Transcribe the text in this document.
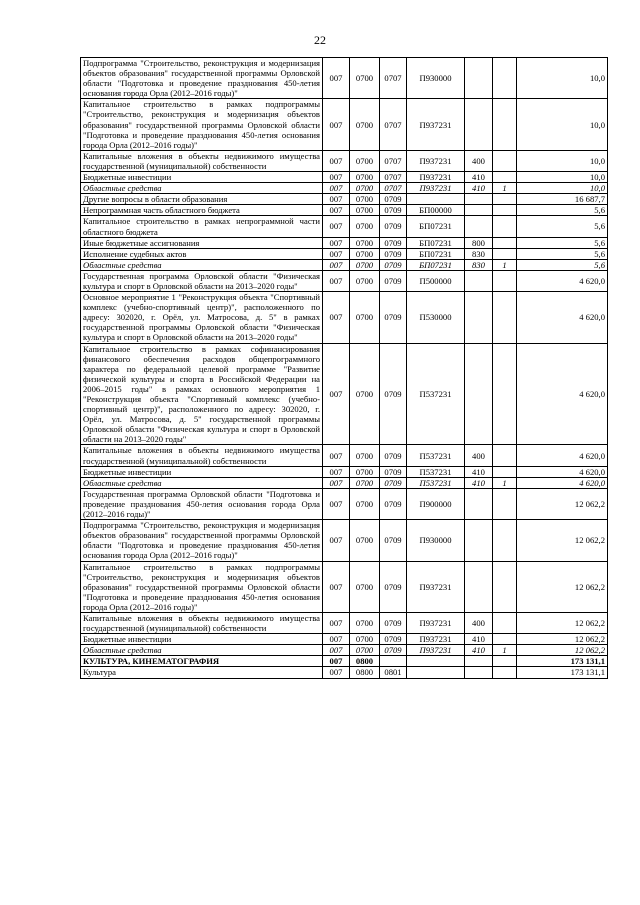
22
Подпрограмма "Строительство, реконструкция и модернизация объектов образования" государственной программы Орловской области "Подготовка и проведение празднования 450-летия основания города Орла (2012–2016 годы)"	007	0700	0707	П930000			10,0
Капитальное строительство в рамках подпрограммы "Строительство, реконструкция и модернизация объектов образования" государственной программы Орловской области "Подготовка и проведение празднования 450-летия основания города Орла (2012–2016 годы)"	007	0700	0707	П937231			10,0
Капитальные вложения в объекты недвижимого имущества государственной (муниципальной) собственности	007	0700	0707	П937231	400		10,0
Бюджетные инвестиции	007	0700	0707	П937231	410		10,0
Областные средства	007	0700	0707	П937231	410	1	10,0
Другие вопросы в области образования	007	0700	0709				16 687,7
Непрограммная часть областного бюджета	007	0700	0709	БП00000			5,6
Капитальное строительство в рамках непрограммной части областного бюджета	007	0700	0709	БП07231			5,6
Иные бюджетные ассигнования	007	0700	0709	БП07231	800		5,6
Исполнение судебных актов	007	0700	0709	БП07231	830		5,6
Областные средства	007	0700	0709	БП07231	830	1	5,6
Государственная программа Орловской области "Физическая культура и спорт в Орловской области на 2013–2020 годы"	007	0700	0709	П500000			4 620,0
Основное мероприятие 1 "Реконструкция объекта "Спортивный комплекс (учебно-спортивный центр)", расположенного по адресу: 302020, г. Орёл, ул. Матросова, д. 5" в рамках государственной программы Орловской области "Физическая культура и спорт в Орловской области на 2013–2020 годы"	007	0700	0709	П530000			4 620,0
Капитальное строительство в рамках софинансирования финансового обеспечения расходов общепрограммного характера по федеральной целевой программе "Развитие физической культуры и спорта в Российской Федерации на 2006–2015 годы" в рамках основного мероприятия 1 "Реконструкция объекта "Спортивный комплекс (учебно-спортивный центр)", расположенного по адресу: 302020, г. Орёл, ул. Матросова, д. 5" государственной программы Орловской области "Физическая культура и спорт в Орловской области на 2013–2020 годы"	007	0700	0709	П537231			4 620,0
Капитальные вложения в объекты недвижимого имущества государственной (муниципальной) собственности	007	0700	0709	П537231	400		4 620,0
Бюджетные инвестиции	007	0700	0709	П537231	410		4 620,0
Областные средства	007	0700	0709	П537231	410	1	4 620,0
Государственная программа Орловской области "Подготовка и проведение празднования 450-летия основания города Орла (2012–2016 годы)"	007	0700	0709	П900000			12 062,2
Подпрограмма "Строительство, реконструкция и модернизация объектов образования" государственной программы Орловской области "Подготовка и проведение празднования 450-летия основания города Орла (2012–2016 годы)"	007	0700	0709	П930000			12 062,2
Капитальное строительство в рамках подпрограммы "Строительство, реконструкция и модернизация объектов образования" государственной программы Орловской области "Подготовка и проведение празднования 450-летия основания города Орла (2012–2016 годы)"	007	0700	0709	П937231			12 062,2
Капитальные вложения в объекты недвижимого имущества государственной (муниципальной) собственности	007	0700	0709	П937231	400		12 062,2
Бюджетные инвестиции	007	0700	0709	П937231	410		12 062,2
Областные средства	007	0700	0709	П937231	410	1	12 062,2
КУЛЬТУРА, КИНЕМАТОГРАФИЯ	007	0800					173 131,1
Культура	007	0800	0801				173 131,1
